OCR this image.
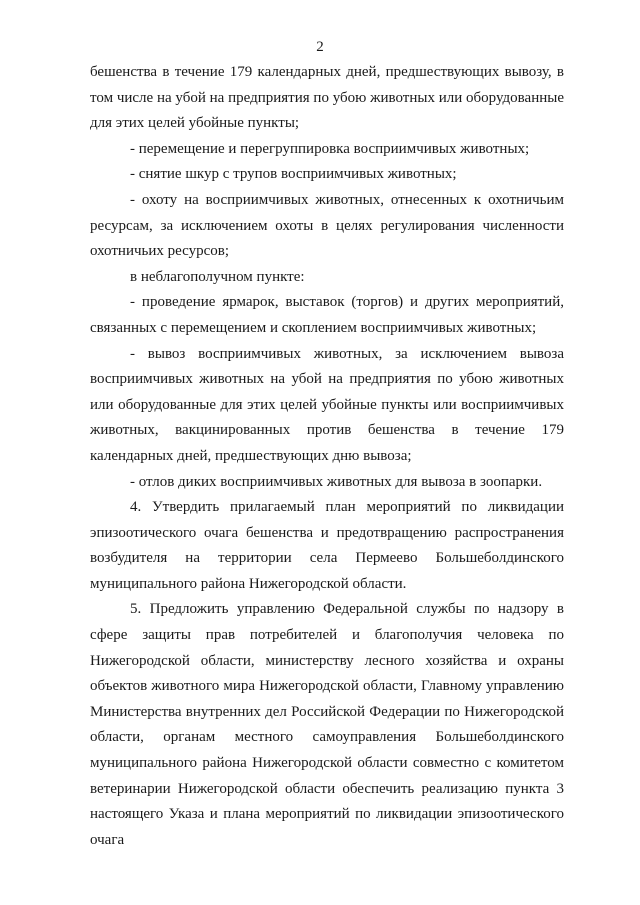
2

бешенства в течение 179 календарных дней, предшествующих вывозу, в том числе на убой на предприятия по убою животных или оборудованные для этих целей убойные пункты;

- перемещение и перегруппировка восприимчивых животных;

- снятие шкур с трупов восприимчивых животных;

- охоту на восприимчивых животных, отнесенных к охотничьим ресурсам, за исключением охоты в целях регулирования численности охотничьих ресурсов;

в неблагополучном пункте:

- проведение ярмарок, выставок (торгов) и других мероприятий, связанных с перемещением и скоплением восприимчивых животных;

- вывоз восприимчивых животных, за исключением вывоза восприимчивых животных на убой на предприятия по убою животных или оборудованные для этих целей убойные пункты или восприимчивых животных, вакцинированных против бешенства в течение 179 календарных дней, предшествующих дню вывоза;

- отлов диких восприимчивых животных для вывоза в зоопарки.

4. Утвердить прилагаемый план мероприятий по ликвидации эпизоотического очага бешенства и предотвращению распространения возбудителя на территории села Пермеево Большеболдинского муниципального района Нижегородской области.

5. Предложить управлению Федеральной службы по надзору в сфере защиты прав потребителей и благополучия человека по Нижегородской области, министерству лесного хозяйства и охраны объектов животного мира Нижегородской области, Главному управлению Министерства внутренних дел Российской Федерации по Нижегородской области, органам местного самоуправления Большеболдинского муниципального района Нижегородской области совместно с комитетом ветеринарии Нижегородской области обеспечить реализацию пункта 3 настоящего Указа и плана мероприятий по ликвидации эпизоотического очага
